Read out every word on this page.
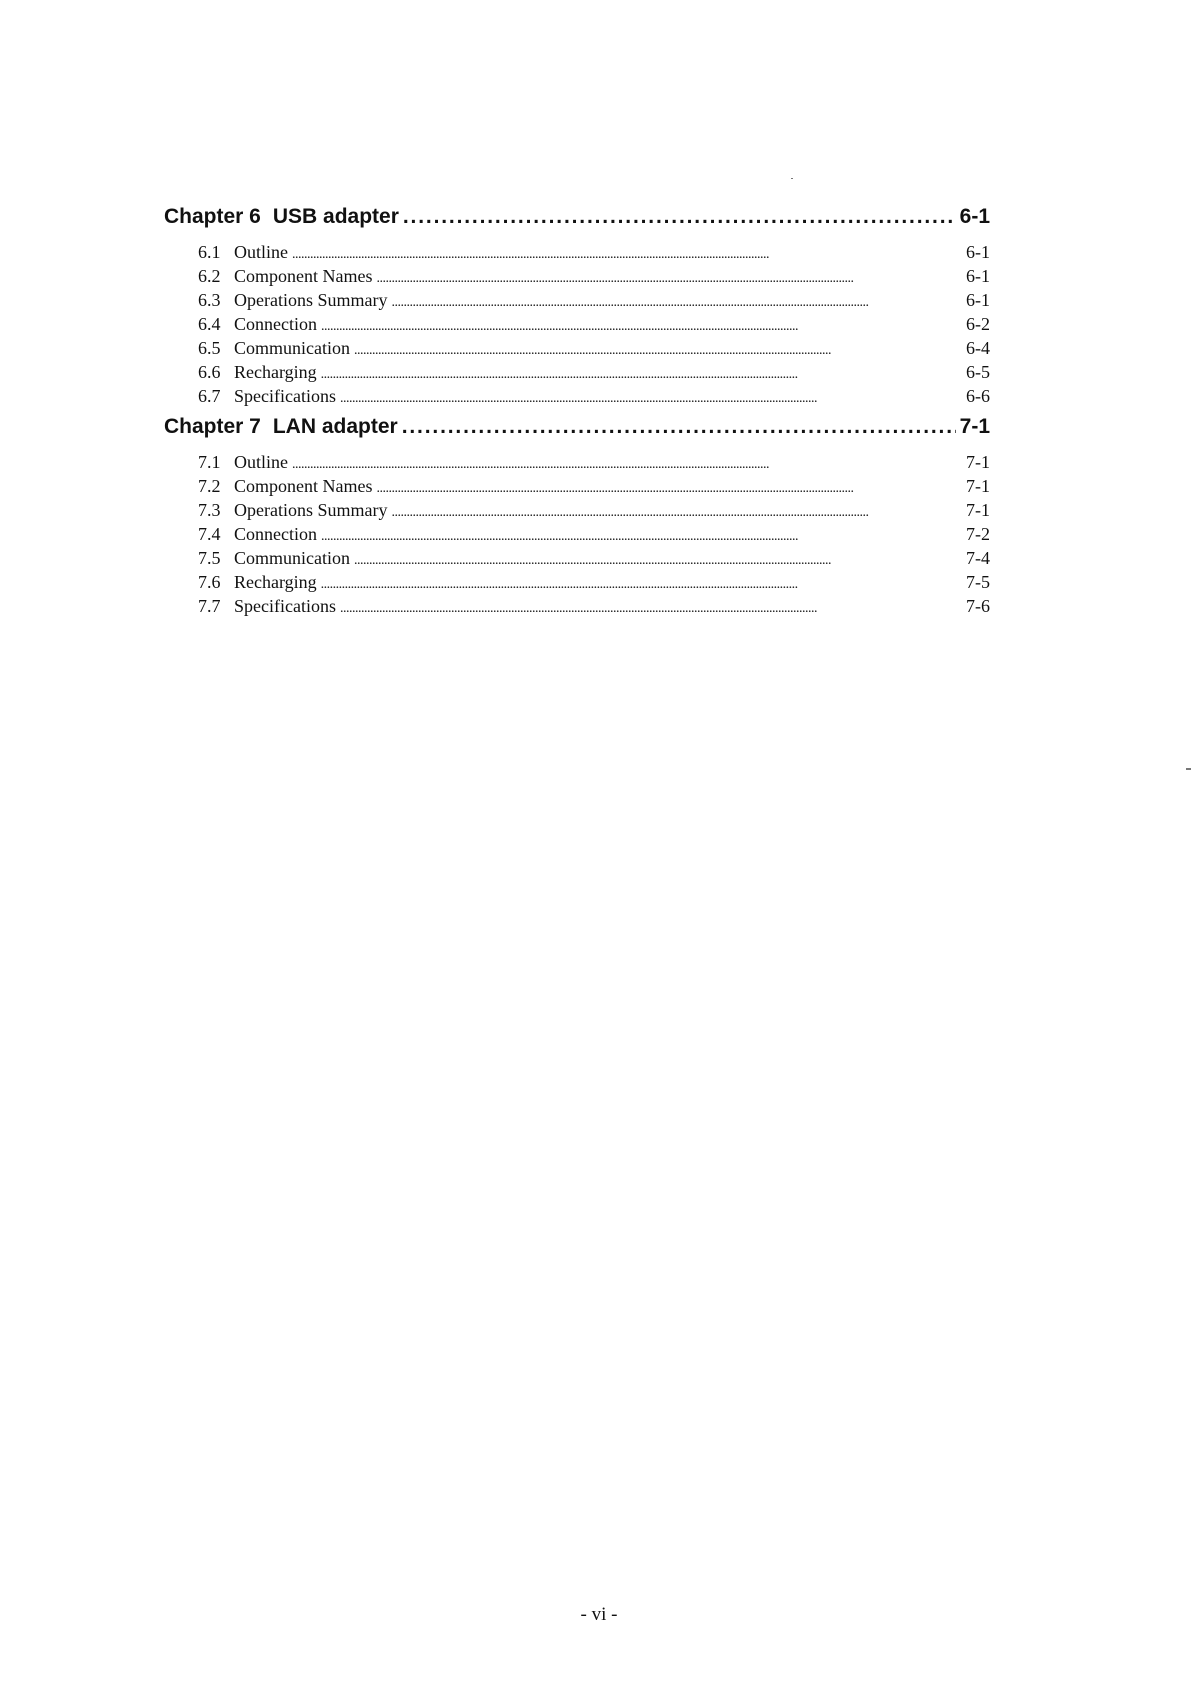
Chapter 6 USB adapter . . .	6-1
6.1 Outline . . .	6-1
6.2 Component Names . . .	6-1
6.3 Operations Summary . . .	6-1
6.4 Connection . . .	6-2
6.5 Communication . . .	6-4
6.6 Recharging . . .	6-5
6.7 Specifications . . .	6-6
Chapter 7 LAN adapter . . .	7-1
7.1 Outline . . .	7-1
7.2 Component Names . . .	7-1
7.3 Operations Summary . . .	7-1
7.4 Connection . . .	7-2
7.5 Communication . . .	7-4
7.6 Recharging . . .	7-5
7.7 Specifications . . .	7-6
- vi -
